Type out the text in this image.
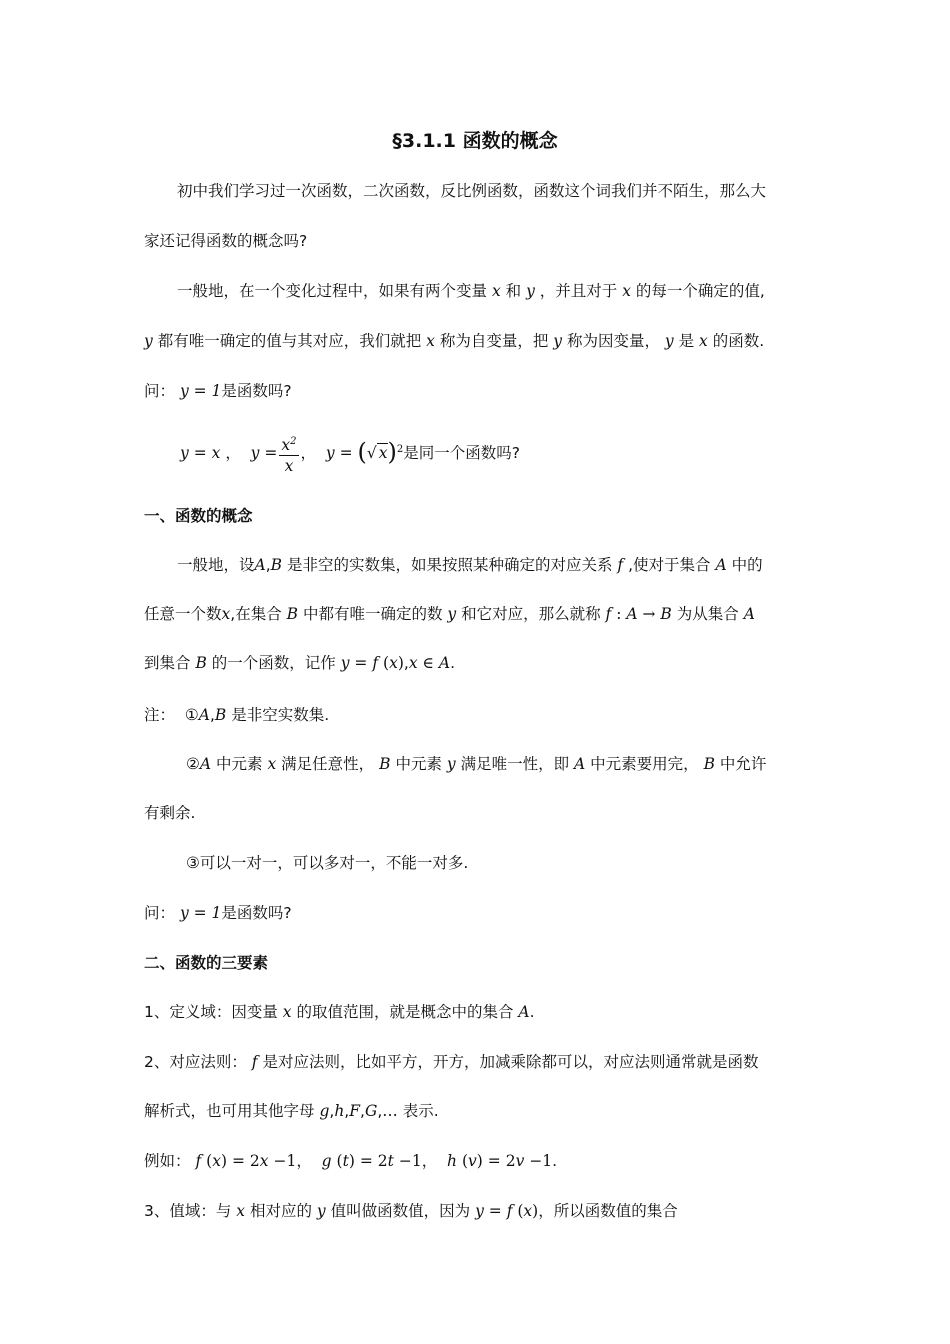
§3.1.1 函数的概念
初中我们学习过一次函数，二次函数，反比例函数，函数这个词我们并不陌生，那么大
家还记得函数的概念吗?
一般地，在一个变化过程中，如果有两个变量 x 和 y ，并且对于 x 的每一个确定的值,
y 都有唯一确定的值与其对应，我们就把 x 称为自变量，把 y 称为因变量， y 是 x 的函数.
问： y = 1是函数吗?
y = x ，  $y = \frac{x^2}{x}$ ，  y = (√ x)$^2$是同一个函数吗?
一、函数的概念
一般地，设A,B 是非空的实数集，如果按照某种确定的对应关系 f ,使对于集合 A 中的
任意一个数x,在集合 B 中都有唯一确定的数 y 和它对应，那么就称 f : A → B 为从集合 A
到集合 B 的一个函数，记作 y = f (x),x ∈ A.
注：  ①A,B 是非空实数集.
②A 中元素 x 满足任意性， B 中元素 y 满足唯一性，即 A 中元素要用完， B 中允许
有剩余.
③可以一对一，可以多对一，不能一对多.
问： y = 1是函数吗?
二、函数的三要素
1、定义域：因变量 x 的取值范围，就是概念中的集合 A.
2、对应法则： f 是对应法则，比如平方，开方，加减乘除都可以，对应法则通常就是函数
解析式，也可用其他字母 g,h,F,G,… 表示.
例如： f (x) = 2x −1，  g (t) = 2t −1，  h (v) = 2v −1.
3、值域：与 x 相对应的 y 值叫做函数值，因为 y = f (x)，所以函数值的集合
